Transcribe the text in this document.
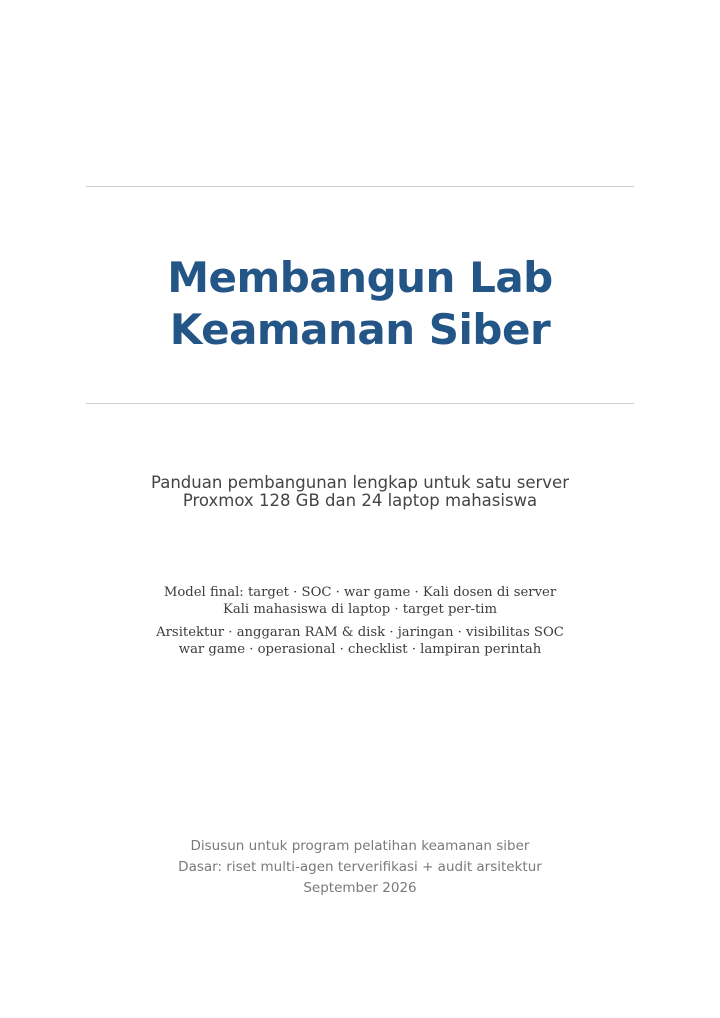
Membangun Lab
Keamanan Siber
Panduan pembangunan lengkap untuk satu server
Proxmox 128 GB dan 24 laptop mahasiswa
Model final: target · SOC · war game · Kali dosen di server
Kali mahasiswa di laptop · target per-tim
Arsitektur · anggaran RAM & disk · jaringan · visibilitas SOC
war game · operasional · checklist · lampiran perintah
Disusun untuk program pelatihan keamanan siber
Dasar: riset multi-agen terverifikasi + audit arsitektur
September 2026
